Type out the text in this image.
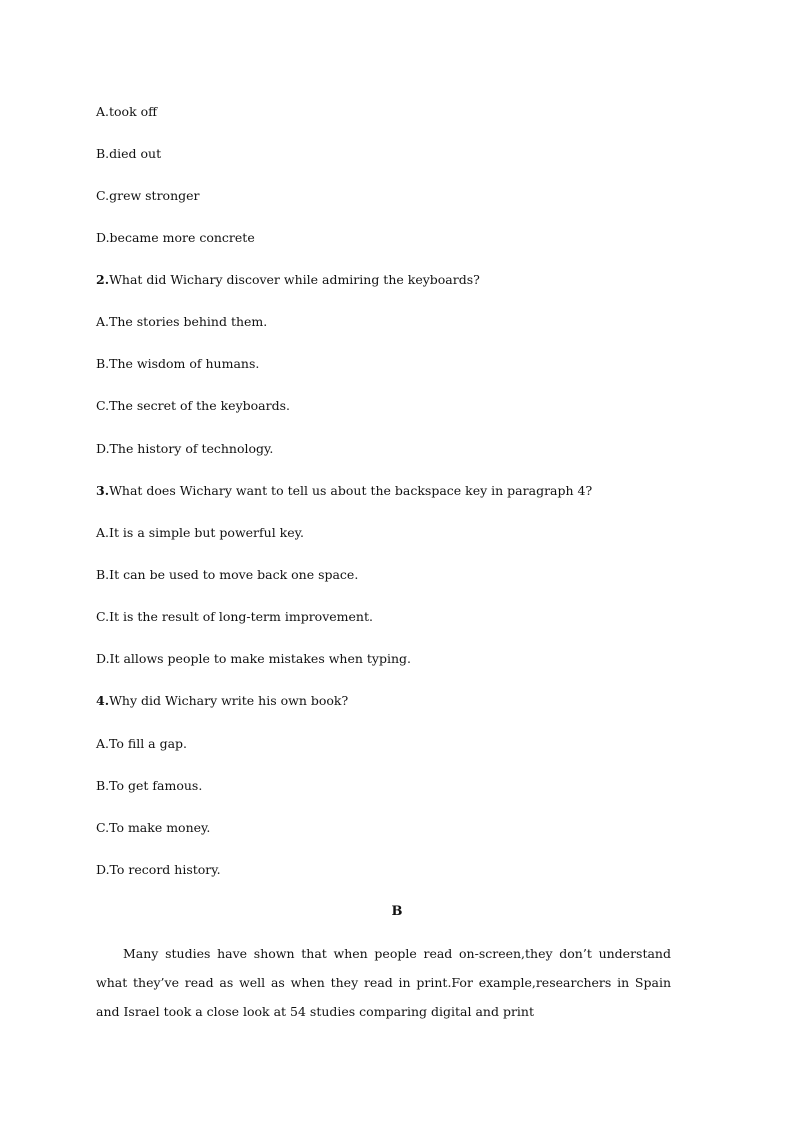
A.took off
B.died out
C.grew stronger
D.became more concrete
2.What did Wichary discover while admiring the keyboards?
A.The stories behind them.
B.The wisdom of humans.
C.The secret of the keyboards.
D.The history of technology.
3.What does Wichary want to tell us about the backspace key in paragraph 4?
A.It is a simple but powerful key.
B.It can be used to move back one space.
C.It is the result of long-term improvement.
D.It allows people to make mistakes when typing.
4.Why did Wichary write his own book?
A.To fill a gap.
B.To get famous.
C.To make money.
D.To record history.
B
Many studies have shown that when people read on-screen,they don’t understand what they’ve read as well as when they read in print.For example,researchers in Spain and Israel took a close look at 54 studies comparing digital and print
